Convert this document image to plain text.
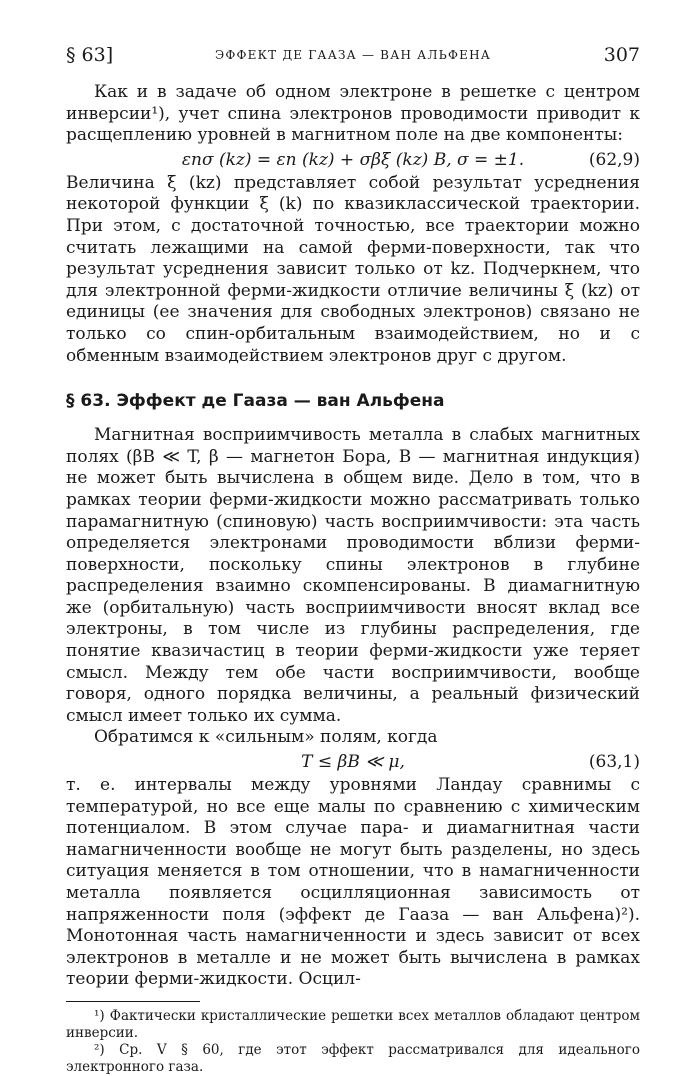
§ 63]	ЭФФЕКТ ДЕ ГААЗА — ВАН АЛЬФЕНА	307

Как и в задаче об одном электроне в решетке с центром инверсии¹), учет спина электронов проводимости приводит к расщеплению уровней в магнитном поле на две компоненты:

εnσ (kz) = εn (kz) + σβξ (kz) B, σ = ±1.	(62,9)

Величина ξ (kz) представляет собой результат усреднения некоторой функции ξ (k) по квазиклассической траектории. При этом, с достаточной точностью, все траектории можно считать лежащими на самой ферми-поверхности, так что результат усреднения зависит только от kz. Подчеркнем, что для электронной ферми-жидкости отличие величины ξ (kz) от единицы (ее значения для свободных электронов) связано не только со спин-орбитальным взаимодействием, но и с обменным взаимодействием электронов друг с другом.

§ 63. Эффект де Гааза — ван Альфена

Магнитная восприимчивость металла в слабых магнитных полях (βB ≪ T, β — магнетон Бора, B — магнитная индукция) не может быть вычислена в общем виде. Дело в том, что в рамках теории ферми-жидкости можно рассматривать только парамагнитную (спиновую) часть восприимчивости: эта часть определяется электронами проводимости вблизи ферми-поверхности, поскольку спины электронов в глубине распределения взаимно скомпенсированы. В диамагнитную же (орбитальную) часть восприимчивости вносят вклад все электроны, в том числе из глубины распределения, где понятие квазичастиц в теории ферми-жидкости уже теряет смысл. Между тем обе части восприимчивости, вообще говоря, одного порядка величины, а реальный физический смысл имеет только их сумма.

Обратимся к «сильным» полям, когда

T ≤ βB ≪ μ,	(63,1)

т. е. интервалы между уровнями Ландау сравнимы с температурой, но все еще малы по сравнению с химическим потенциалом. В этом случае пара- и диамагнитная части намагниченности вообще не могут быть разделены, но здесь ситуация меняется в том отношении, что в намагниченности металла появляется осцилляционная зависимость от напряженности поля (эффект де Гааза — ван Альфена)²). Монотонная часть намагниченности и здесь зависит от всех электронов в металле и не может быть вычислена в рамках теории ферми-жидкости. Осцил-

¹) Фактически кристаллические решетки всех металлов обладают центром инверсии.

²) Ср. V § 60, где этот эффект рассматривался для идеального электронного газа.
